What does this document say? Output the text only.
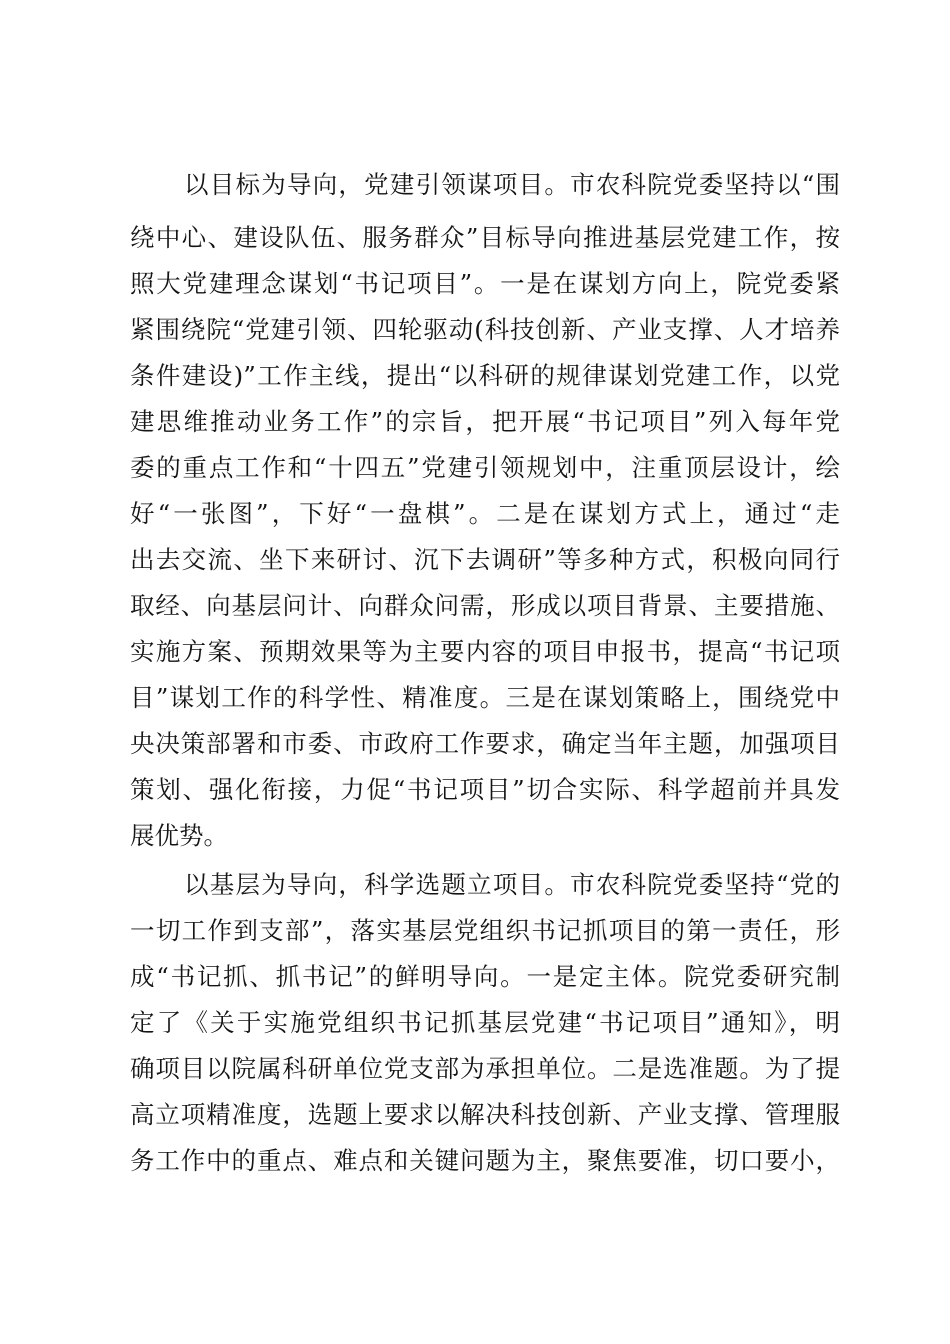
以目标为导向，党建引领谋项目。市农科院党委坚持以“围
绕中心、建设队伍、服务群众”目标导向推进基层党建工作，按
照大党建理念谋划“书记项目”。一是在谋划方向上，院党委紧
紧围绕院“党建引领、四轮驱动(科技创新、产业支撑、人才培养
条件建设)”工作主线，提出“以科研的规律谋划党建工作，以党
建思维推动业务工作”的宗旨，把开展“书记项目”列入每年党
委的重点工作和“十四五”党建引领规划中，注重顶层设计，绘
好“一张图”，下好“一盘棋”。二是在谋划方式上，通过“走
出去交流、坐下来研讨、沉下去调研”等多种方式，积极向同行
取经、向基层问计、向群众问需，形成以项目背景、主要措施、
实施方案、预期效果等为主要内容的项目申报书，提高“书记项
目”谋划工作的科学性、精准度。三是在谋划策略上，围绕党中
央决策部署和市委、市政府工作要求，确定当年主题，加强项目
策划、强化衔接，力促“书记项目”切合实际、科学超前并具发
展优势。
以基层为导向，科学选题立项目。市农科院党委坚持“党的
一切工作到支部”，落实基层党组织书记抓项目的第一责任，形
成“书记抓、抓书记”的鲜明导向。一是定主体。院党委研究制
定了《关于实施党组织书记抓基层党建“书记项目”通知》，明
确项目以院属科研单位党支部为承担单位。二是选准题。为了提
高立项精准度，选题上要求以解决科技创新、产业支撑、管理服
务工作中的重点、难点和关键问题为主，聚焦要准，切口要小，
